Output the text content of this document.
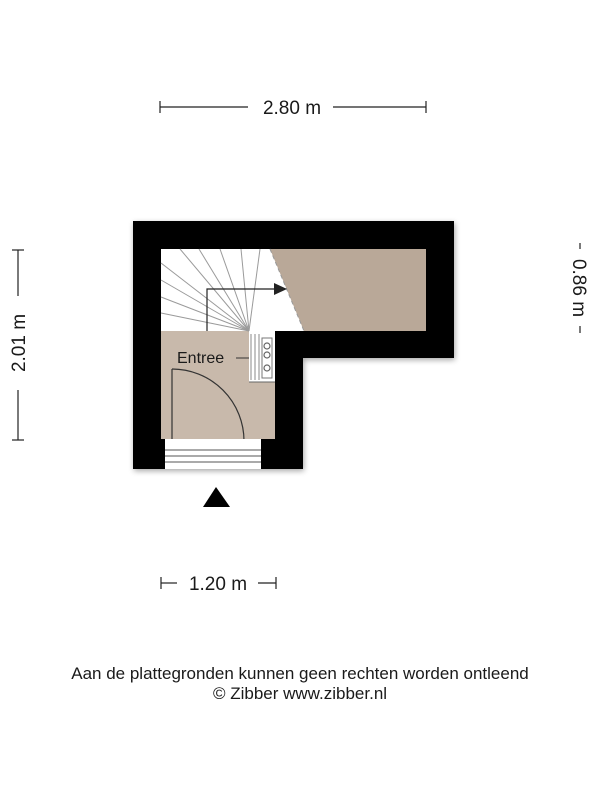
2.80 m
2.01 m
0.86 m
Entree
1.20 m
Aan de plattegronden kunnen geen rechten worden ontleend
© Zibber www.zibber.nl
